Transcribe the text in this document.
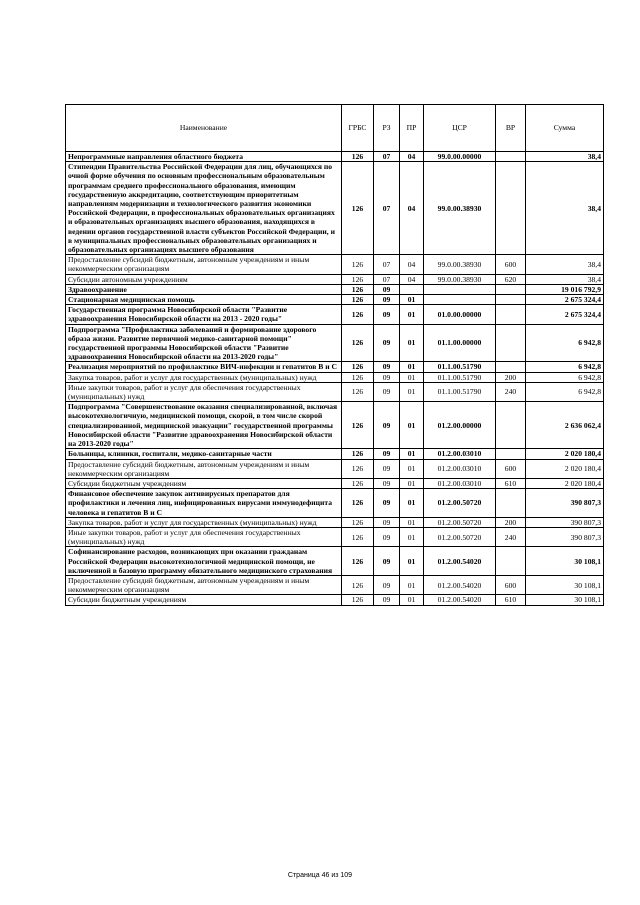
Наименование	ГРБС	РЗ	ПР	ЦСР	ВР	Сумма
Непрограммные направления областного бюджета	126	07	04	99.0.00.00000		38,4
Стипендии Правительства Российской Федерации для лиц, обучающихся по очной форме обучения по основным профессиональным образовательным программам среднего профессионального образования, имеющим государственную аккредитацию, соответствующим приоритетным направлениям модернизации и технологического развития экономики Российской Федерации, в профессиональных образовательных организациях и образовательных организациях высшего образования, находящихся в ведении органов государственной власти субъектов Российской Федерации, и в муниципальных профессиональных образовательных организациях и образовательных организациях высшего образования	126	07	04	99.0.00.38930		38,4
Предоставление субсидий бюджетным, автономным учреждениям и иным некоммерческим организациям	126	07	04	99.0.00.38930	600	38,4
Субсидии автономным учреждениям	126	07	04	99.0.00.38930	620	38,4
Здравоохранение	126	09				19 016 792,9
Стационарная медицинская помощь	126	09	01			2 675 324,4
Государственная программа Новосибирской области "Развитие здравоохранения Новосибирской области на 2013 - 2020 годы"	126	09	01	01.0.00.00000		2 675 324,4
Подпрограмма "Профилактика заболеваний и формирование здорового образа жизни. Развитие первичной медико-санитарной помощи" государственной программы Новосибирской области "Развитие здравоохранения Новосибирской области на 2013-2020 годы"	126	09	01	01.1.00.00000		6 942,8
Реализация мероприятий по профилактике ВИЧ-инфекции и гепатитов В и С	126	09	01	01.1.00.51790		6 942,8
Закупка товаров, работ и услуг для государственных (муниципальных) нужд	126	09	01	01.1.00.51790	200	6 942,8
Иные закупки товаров, работ и услуг для обеспечения государственных (муниципальных) нужд	126	09	01	01.1.00.51790	240	6 942,8
Подпрограмма "Совершенствование оказания специализированной, включая высокотехнологичную, медицинской помощи, скорой, в том числе скорой специализированной, медицинской эвакуации" государственной программы Новосибирской области "Развитие здравоохранения Новосибирской области на 2013-2020 годы"	126	09	01	01.2.00.00000		2 636 062,4
Больницы, клиники, госпитали, медико-санитарные части	126	09	01	01.2.00.03010		2 020 180,4
Предоставление субсидий бюджетным, автономным учреждениям и иным некоммерческим организациям	126	09	01	01.2.00.03010	600	2 020 180,4
Субсидии бюджетным учреждениям	126	09	01	01.2.00.03010	610	2 020 180,4
Финансовое обеспечение закупок антивирусных препаратов для профилактики и лечения лиц, инфицированных вирусами иммунодефицита человека и гепатитов В и С	126	09	01	01.2.00.50720		390 807,3
Закупка товаров, работ и услуг для государственных (муниципальных) нужд	126	09	01	01.2.00.50720	200	390 807,3
Иные закупки товаров, работ и услуг для обеспечения государственных (муниципальных) нужд	126	09	01	01.2.00.50720	240	390 807,3
Софинансирование расходов, возникающих при оказании гражданам Российской Федерации высокотехнологичной медицинской помощи, не включенной в базовую программу обязательного медицинского страхования	126	09	01	01.2.00.54020		30 108,1
Предоставление субсидий бюджетным, автономным учреждениям и иным некоммерческим организациям	126	09	01	01.2.00.54020	600	30 108,1
Субсидии бюджетным учреждениям	126	09	01	01.2.00.54020	610	30 108,1
Страница 46 из 109
